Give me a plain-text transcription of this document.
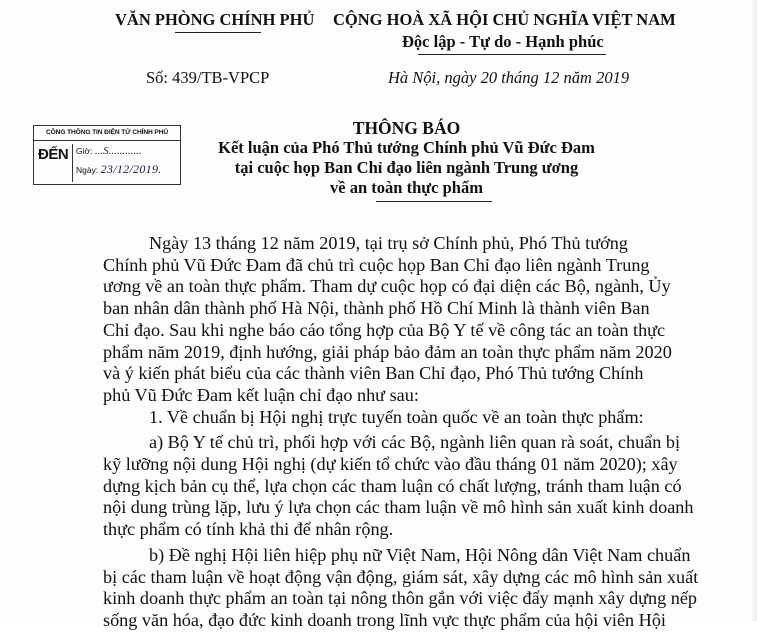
VĂN PHÒNG CHÍNH PHỦ CỘNG HOÀ XÃ HỘI CHỦ NGHĨA VIỆT NAM
Độc lập - Tự do - Hạnh phúc
Số: 439/TB-VPCP	Hà Nội, ngày 20 tháng 12 năm 2019
CÔNG THÔNG TIN ĐIỆN TỬ CHÍNH PHỦ
ĐẾN Giờ: ...S............
Ngày: 23/12/2019.
THÔNG BÁO
Kết luận của Phó Thủ tướng Chính phủ Vũ Đức Đam
tại cuộc họp Ban Chỉ đạo liên ngành Trung ương
về an toàn thực phẩm
Ngày 13 tháng 12 năm 2019, tại trụ sở Chính phủ, Phó Thủ tướng
Chính phủ Vũ Đức Đam đã chủ trì cuộc họp Ban Chỉ đạo liên ngành Trung
ương về an toàn thực phẩm. Tham dự cuộc họp có đại diện các Bộ, ngành, Ủy
ban nhân dân thành phố Hà Nội, thành phố Hồ Chí Minh là thành viên Ban
Chỉ đạo. Sau khi nghe báo cáo tổng hợp của Bộ Y tế về công tác an toàn thực
phẩm năm 2019, định hướng, giải pháp bảo đảm an toàn thực phẩm năm 2020
và ý kiến phát biểu của các thành viên Ban Chỉ đạo, Phó Thủ tướng Chính
phủ Vũ Đức Đam kết luận chỉ đạo như sau:
1. Về chuẩn bị Hội nghị trực tuyến toàn quốc về an toàn thực phẩm:
a) Bộ Y tế chủ trì, phối hợp với các Bộ, ngành liên quan rà soát, chuẩn bị
kỹ lưỡng nội dung Hội nghị (dự kiến tổ chức vào đầu tháng 01 năm 2020); xây
dựng kịch bản cụ thể, lựa chọn các tham luận có chất lượng, tránh tham luận có
nội dung trùng lặp, lưu ý lựa chọn các tham luận về mô hình sản xuất kinh doanh
thực phẩm có tính khả thi để nhân rộng.
b) Đề nghị Hội liên hiệp phụ nữ Việt Nam, Hội Nông dân Việt Nam chuẩn
bị các tham luận về hoạt động vận động, giám sát, xây dựng các mô hình sản xuất
kinh doanh thực phẩm an toàn tại nông thôn gắn với việc đẩy mạnh xây dựng nếp
sống văn hóa, đạo đức kinh doanh trong lĩnh vực thực phẩm của hội viên Hội
